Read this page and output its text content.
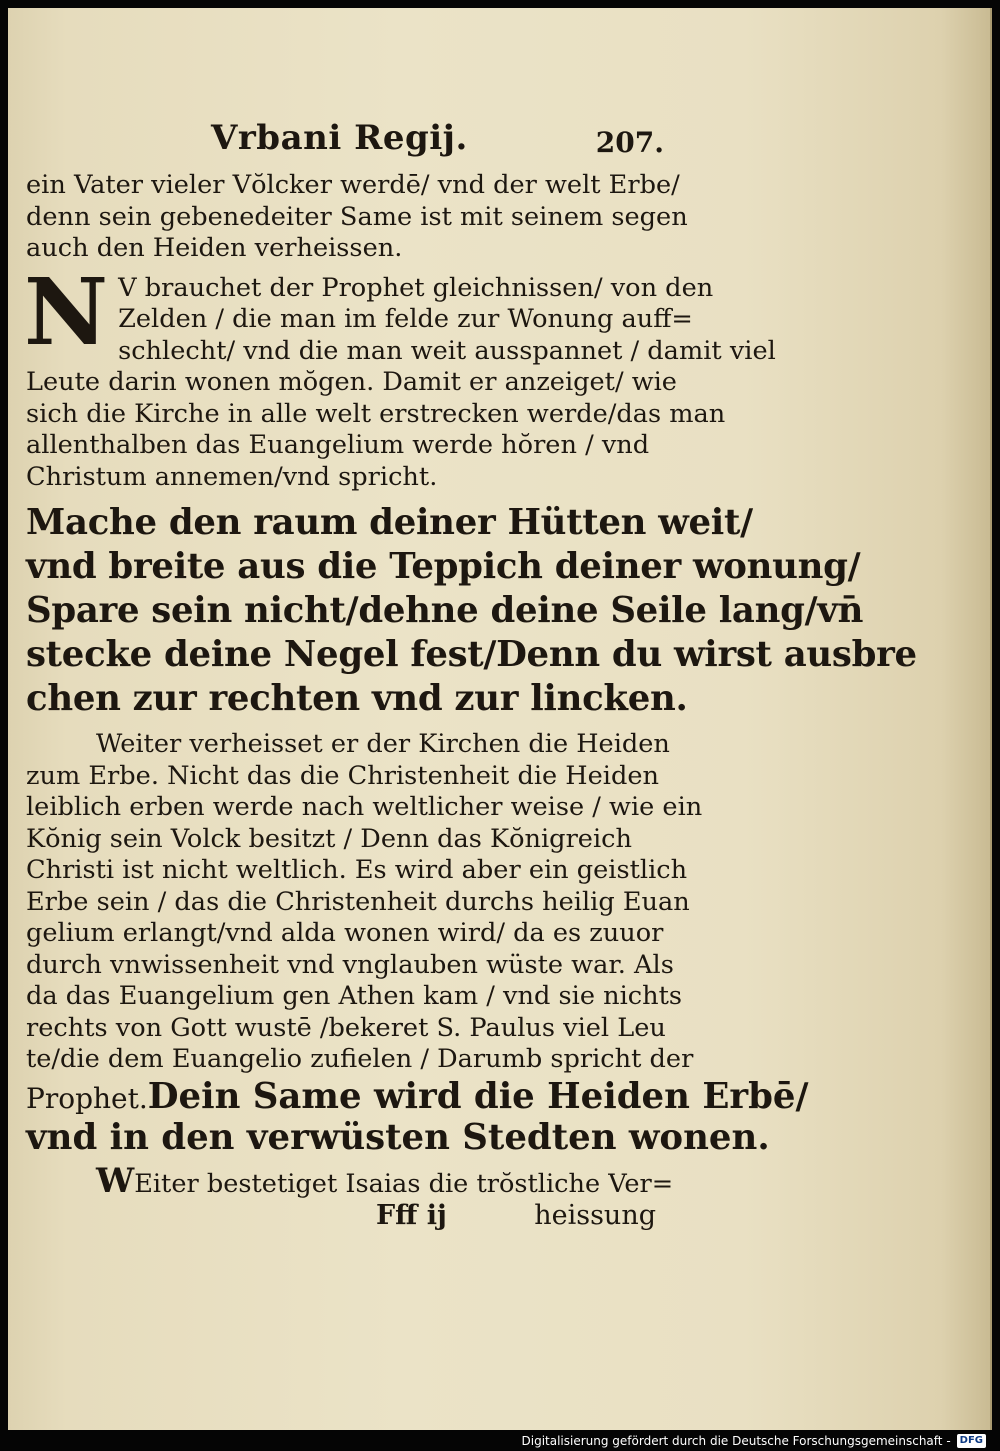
Vrbani Regij.	207.
ein Vater vieler Vŏlcker werdē/ vnd der welt Erbe/
denn sein gebenedeiter Same ist mit seinem segen
auch den Heiden verheissen.
N V brauchet der Prophet gleichnissen/ von den
Zelden / die man im felde zur Wonung auff=
schlecht/ vnd die man weit ausspannet / damit viel
Leute darin wonen mŏgen. Damit er anzeiget/ wie
sich die Kirche in alle welt erstrecken werde/das man
allenthalben das Euangelium werde hŏren / vnd
Christum annemen/vnd spricht.
Mache den raum deiner Hütten weit/
vnd breite aus die Teppich deiner wonung/
Spare sein nicht/dehne deine Seile lang/vn̄
stecke deine Negel fest/Denn du wirst ausbre
chen zur rechten vnd zur lincken.
Weiter verheisset er der Kirchen die Heiden
zum Erbe. Nicht das die Christenheit die Heiden
leiblich erben werde nach weltlicher weise / wie ein
Kŏnig sein Volck besitzt / Denn das Kŏnigreich
Christi ist nicht weltlich. Es wird aber ein geistlich
Erbe sein / das die Christenheit durchs heilig Euan
gelium erlangt/vnd alda wonen wird/ da es zuuor
durch vnwissenheit vnd vnglauben wüste war. Als
da das Euangelium gen Athen kam / vnd sie nichts
rechts von Gott wustē /bekeret S. Paulus viel Leu
te/die dem Euangelio zufielen / Darumb spricht der
Prophet.Dein Same wird die Heiden Erbē/
vnd in den verwüsten Stedten wonen.
WEiter bestetiget Isaias die trŏstliche Ver=
Fff ij	heissung
Digitalisierung gefördert durch die Deutsche Forschungsgemeinschaft - DFG
